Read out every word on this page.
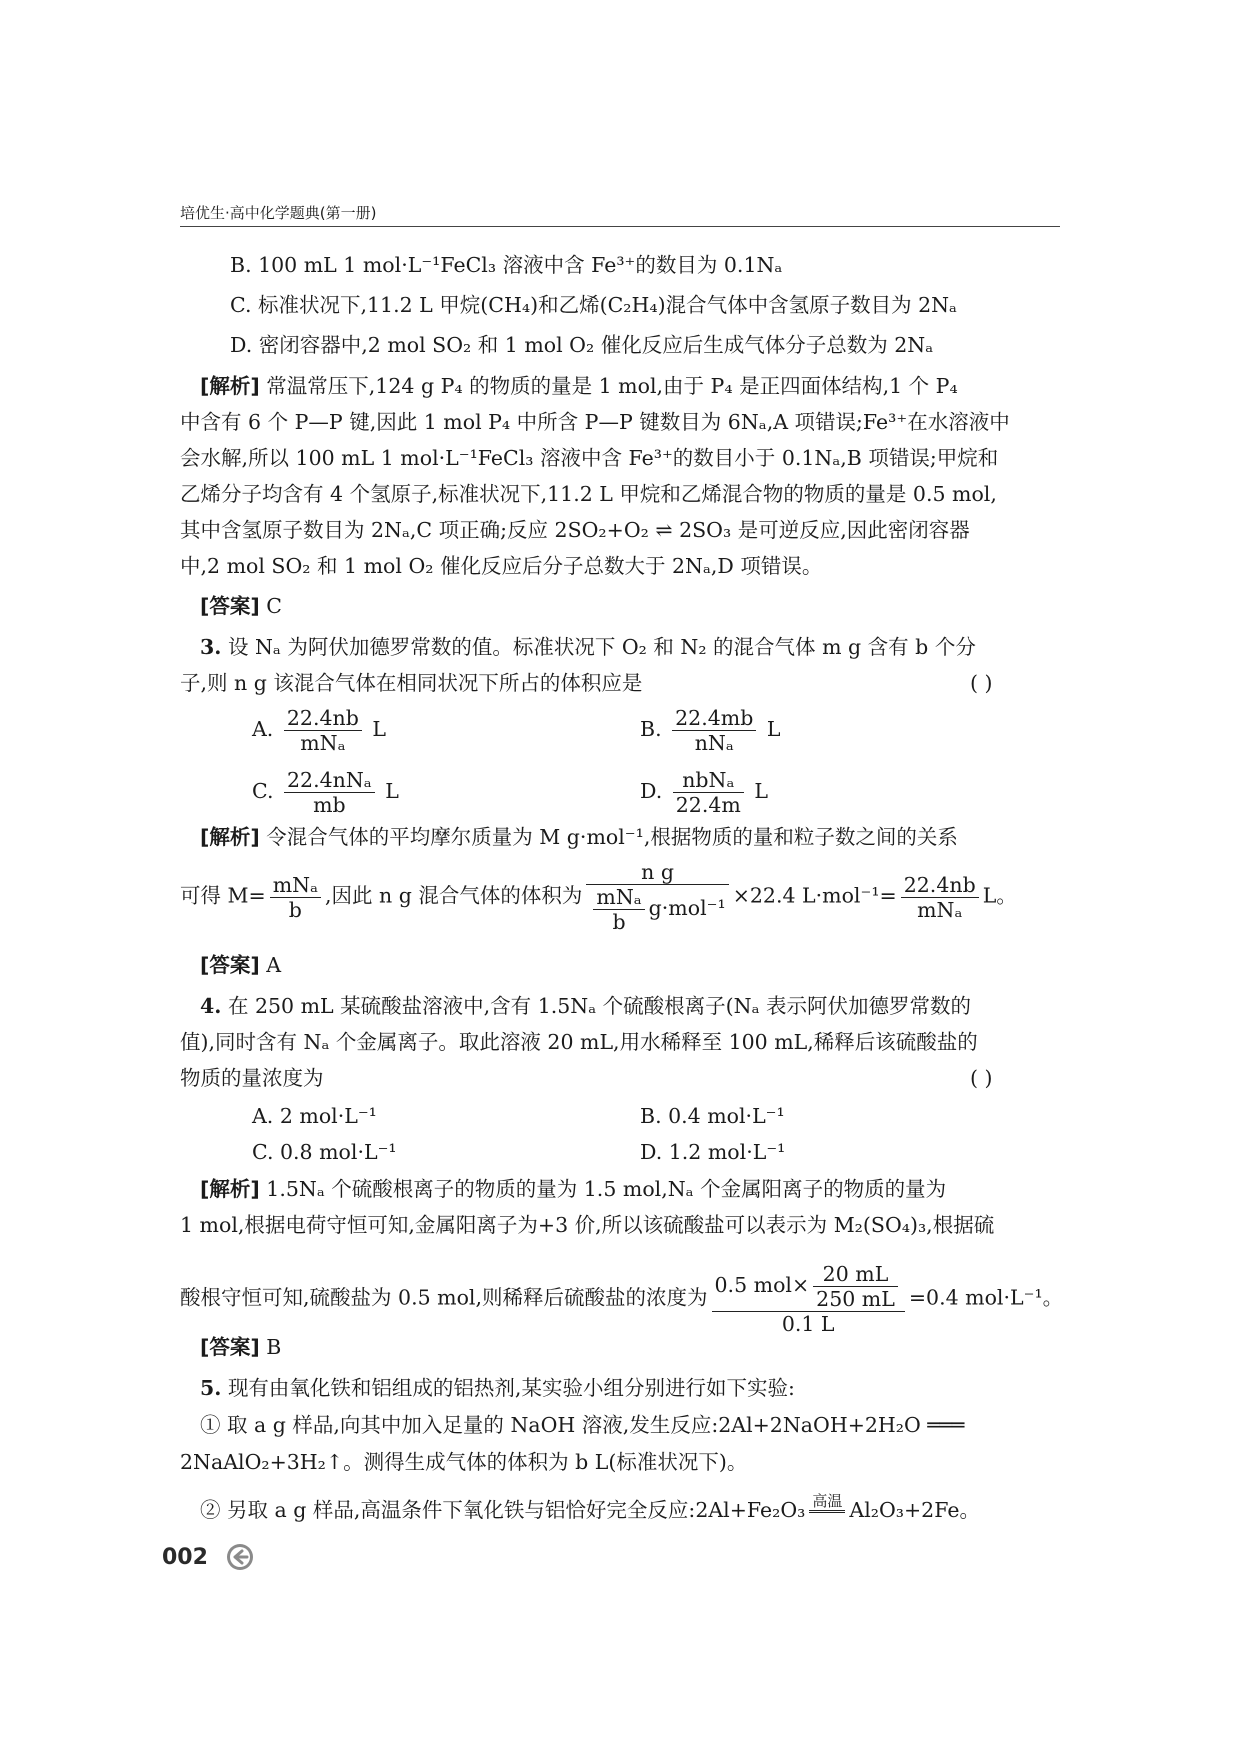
培优生·高中化学题典(第一册)
B. 100 mL 1 mol·L⁻¹FeCl₃ 溶液中含 Fe³⁺的数目为 0.1Nₐ
C. 标准状况下,11.2 L 甲烷(CH₄)和乙烯(C₂H₄)混合气体中含氢原子数目为 2Nₐ
D. 密闭容器中,2 mol SO₂ 和 1 mol O₂ 催化反应后生成气体分子总数为 2Nₐ
[解析] 常温常压下,124 g P₄ 的物质的量是 1 mol,由于 P₄ 是正四面体结构,1 个 P₄
中含有 6 个 P—P 键,因此 1 mol P₄ 中所含 P—P 键数目为 6Nₐ,A 项错误;Fe³⁺在水溶液中
会水解,所以 100 mL 1 mol·L⁻¹FeCl₃ 溶液中含 Fe³⁺的数目小于 0.1Nₐ,B 项错误;甲烷和
乙烯分子均含有 4 个氢原子,标准状况下,11.2 L 甲烷和乙烯混合物的物质的量是 0.5 mol,
其中含氢原子数目为 2Nₐ,C 项正确;反应 2SO₂+O₂ ⇌ 2SO₃ 是可逆反应,因此密闭容器
中,2 mol SO₂ 和 1 mol O₂ 催化反应后分子总数大于 2Nₐ,D 项错误。
[答案] C
3. 设 Nₐ 为阿伏加德罗常数的值。标准状况下 O₂ 和 N₂ 的混合气体 m g 含有 b 个分
子,则 n g 该混合气体在相同状况下所占的体积应是	( )
A. $\frac{22.4nb}{\text{mNₐ}}$ L	B. $\frac{22.4mb}{\text{nNₐ}}$ L
C. $\frac{\text{22.4nNₐ}}{mb}$ L	D. $\frac{\text{nbNₐ}}{22.4m}$ L
[解析] 令混合气体的平均摩尔质量为 M g·mol⁻¹,根据物质的量和粒子数之间的关系
可得 $M= \frac{\text{mNₐ}}{b}$ ,因此 n g 混合气体的体积为 $\frac{\text{n g}}{\frac{\text{mNₐ}}{b} g\cdot mol^{-1}} \times 22.4$ $L\cdot mol^{-1}= \frac{22.4nb}{\text{mNₐ}}$ L。
[答案] A
4. 在 250 mL 某硫酸盐溶液中,含有 1.5Nₐ 个硫酸根离子(Nₐ 表示阿伏加德罗常数的
值),同时含有 Nₐ 个金属离子。取此溶液 20 mL,用水稀释至 100 mL,稀释后该硫酸盐的
物质的量浓度为	( )
A. 2 mol·L⁻¹	B. 0.4 mol·L⁻¹
C. 0.8 mol·L⁻¹	D. 1.2 mol·L⁻¹
[解析] 1.5Nₐ 个硫酸根离子的物质的量为 1.5 mol,Nₐ 个金属阳离子的物质的量为
1 mol,根据电荷守恒可知,金属阳离子为+3 价,所以该硫酸盐可以表示为 M₂(SO₄)₃,根据硫
酸根守恒可知,硫酸盐为 0.5 mol,则稀释后硫酸盐的浓度为 $\frac{0.5 mol\times \frac{20 mL}{250 mL}}{0.1 L} =0.4$ mol·L⁻¹。
[答案] B
5. 现有由氧化铁和铝组成的铝热剂,某实验小组分别进行如下实验:
① 取 a g 样品,向其中加入足量的 NaOH 溶液,发生反应:2Al+2NaOH+2H₂O ═══
2NaAlO₂+3H₂↑。测得生成气体的体积为 b L(标准状况下)。
② 另取 a g 样品,高温条件下氧化铁与铝恰好完全反应:2Al+Fe₂O₃ 高温
Al₂O₃+2Fe。
002
